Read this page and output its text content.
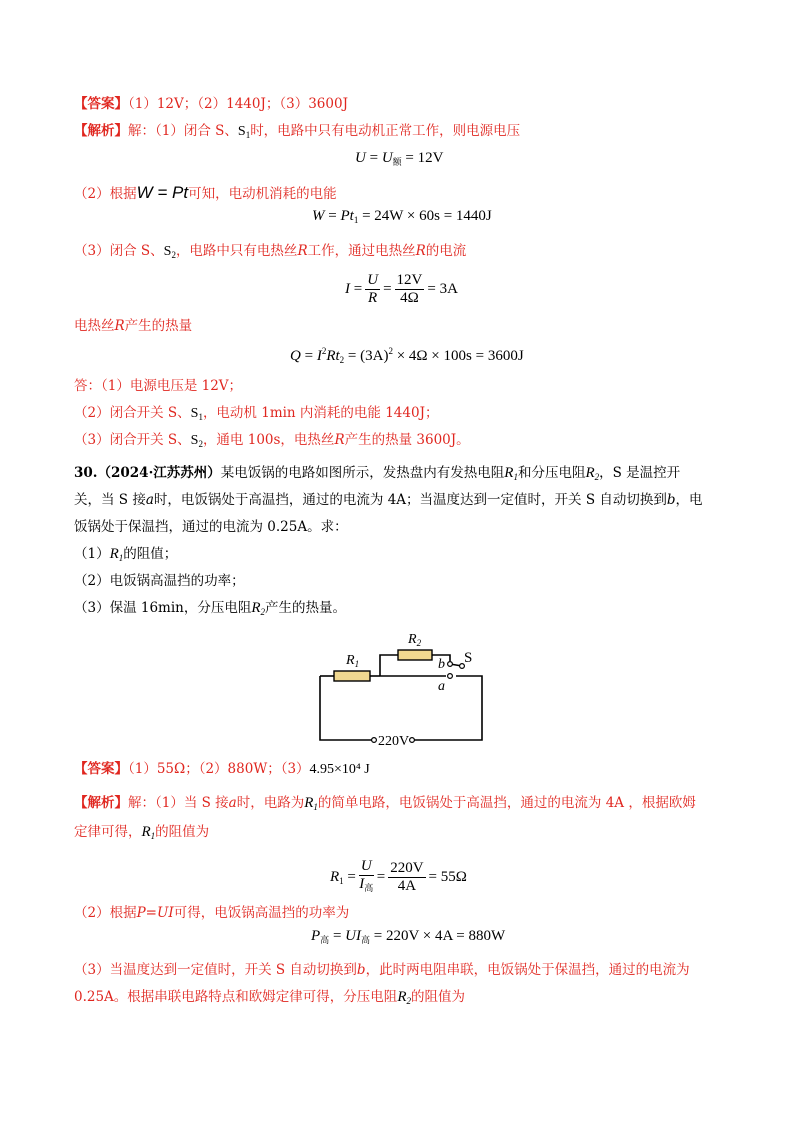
【答案】（1）12V；（2）1440J；（3）3600J
【解析】解：（1）闭合 S、$S_1$时，电路中只有电动机正常工作，则电源电压
$U = U_额 = 12V$
（2）根据W = Pt可知，电动机消耗的电能
$W = Pt_1 = 24W \times 60s = 1440J$
（3）闭合 S、$S_2$，电路中只有电热丝R工作，通过电热丝R的电流
$I = \frac{U}{R} = \frac{12V}{4\Omega} = 3A$
电热丝R产生的热量
$Q = I^2Rt_2 = (3A)^2 \times 4\Omega \times 100s = 3600J$
答：（1）电源电压是 12V；
（2）闭合开关 S、$S_1$，电动机 1min 内消耗的电能 1440J；
（3）闭合开关 S、$S_2$，通电 100s，电热丝R产生的热量 3600J。
30.（2024·江苏苏州）某电饭锅的电路如图所示，发热盘内有发热电阻$R_1$和分压电阻$R_2$，S 是温控开
关，当 S 接a时，电饭锅处于高温挡，通过的电流为 4A；当温度达到一定值时，开关 S 自动切换到b，电
饭锅处于保温挡，通过的电流为 0.25A。求：
$(1)R_1$的阻值；
（2）电饭锅高温挡的功率；
（3）保温 16min，分压电阻$R_2$产生的热量。
$R_1$
$R_2$
b
a
S
220V
【答案】（1）55Ω；（2）880W；（3）4.95×10⁴ J
【解析】解：（1）当 S 接a时，电路为$R_1$的简单电路，电饭锅处于高温挡，通过的电流为 4A ，根据欧姆
定律可得，$R_1$的阻值为
$R_1 = \frac{U}{I_高} = \frac{220V}{4A} = 55\Omega$
（2）根据P=UI可得，电饭锅高温挡的功率为
$P_高 = UI_高 = 220V \times 4A = 880W$
（3）当温度达到一定值时，开关 S 自动切换到b，此时两电阻串联，电饭锅处于保温挡，通过的电流为
0.25A。根据串联电路特点和欧姆定律可得，分压电阻$R_2$的阻值为
